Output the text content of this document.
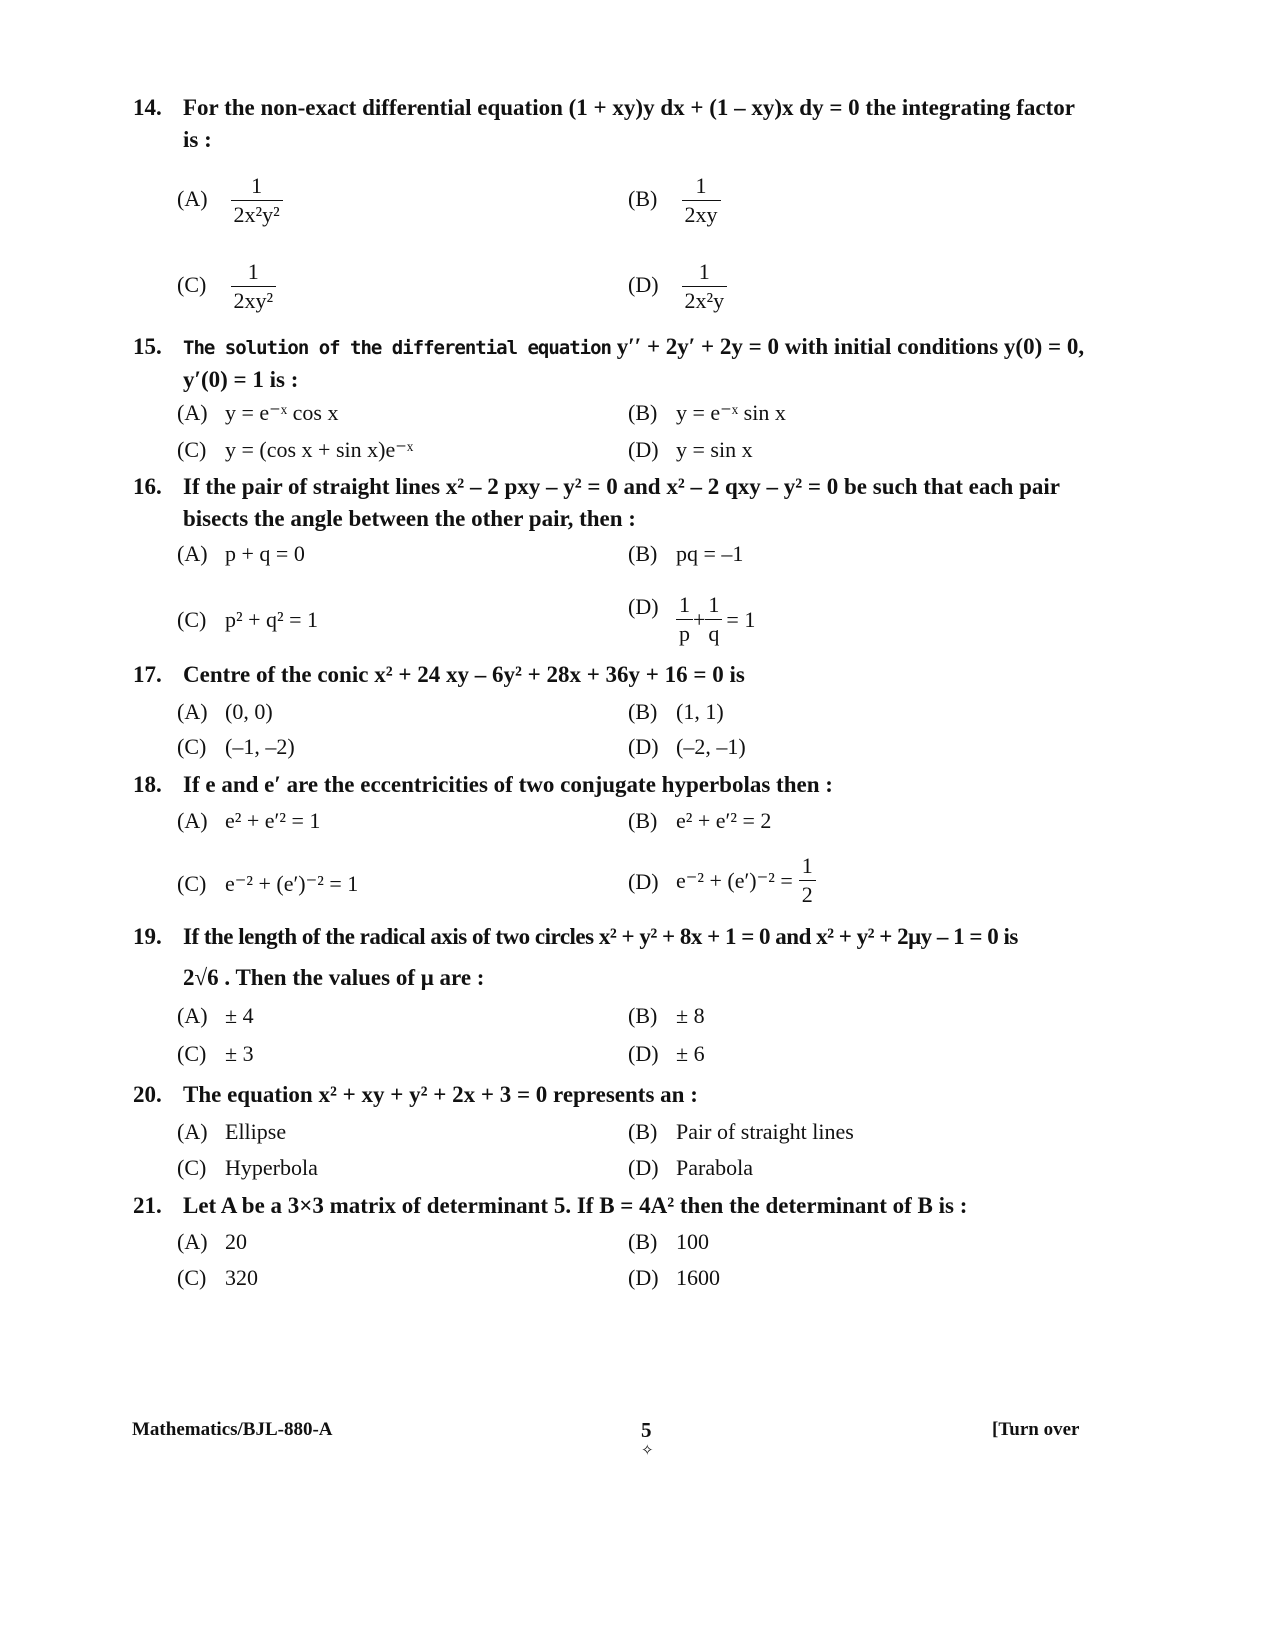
14. For the non-exact differential equation (1 + xy)y dx + (1 – xy)x dy = 0 the integrating factor is :
$(A) \frac{1}{\text{2x²y²}}$	$(B) \frac{1}{2xy}$
$(C) \frac{1}{\text{2xy²}}$	$(D) \frac{1}{\text{2x²y}}$
15. The solution of the differential equation y′′ + 2y′ + 2y = 0 with initial conditions y(0) = 0, y′(0) = 1 is :
(A) y = e⁻ˣ cos x	(B) y = e⁻ˣ sin x
(C) y = (cos x + sin x)e⁻ˣ	(D) y = sin x
16. If the pair of straight lines x² – 2 pxy – y² = 0 and x² – 2 qxy – y² = 0 be such that each pair bisects the angle between the other pair, then :
(A) p + q = 0	(B) pq = –1
(C) p² + q² = 1
$(D) \frac{1}{p} + \frac{1}{q} = 1$
17. Centre of the conic x² + 24 xy – 6y² + 28x + 36y + 16 = 0 is
(A) (0, 0)	(B) (1, 1)
(C) (–1, –2)	(D) (–2, –1)
18. If e and e′ are the eccentricities of two conjugate hyperbolas then :
(A) e² + e′² = 1	(B) e² + e′² = 2
(C) e⁻² + (e′)⁻² = 1	(D) $e^{-2} + (e')^{-2} = \frac{1}{2}$
19. If the length of the radical axis of two circles x² + y² + 8x + 1 = 0 and x² + y² + 2μy – 1 = 0 is
2√6 . Then the values of μ are :
(A) ± 4	(B) ± 8
(C) ± 3	(D) ± 6
20. The equation x² + xy + y² + 2x + 3 = 0 represents an :
(A) Ellipse	(B) Pair of straight lines
(C) Hyperbola	(D) Parabola
21. Let A be a 3×3 matrix of determinant 5. If B = 4A² then the determinant of B is :
(A) 20	(B) 100
(C) 320	(D) 1600
Mathematics/BJL-880-A	5
✧
[Turn over
